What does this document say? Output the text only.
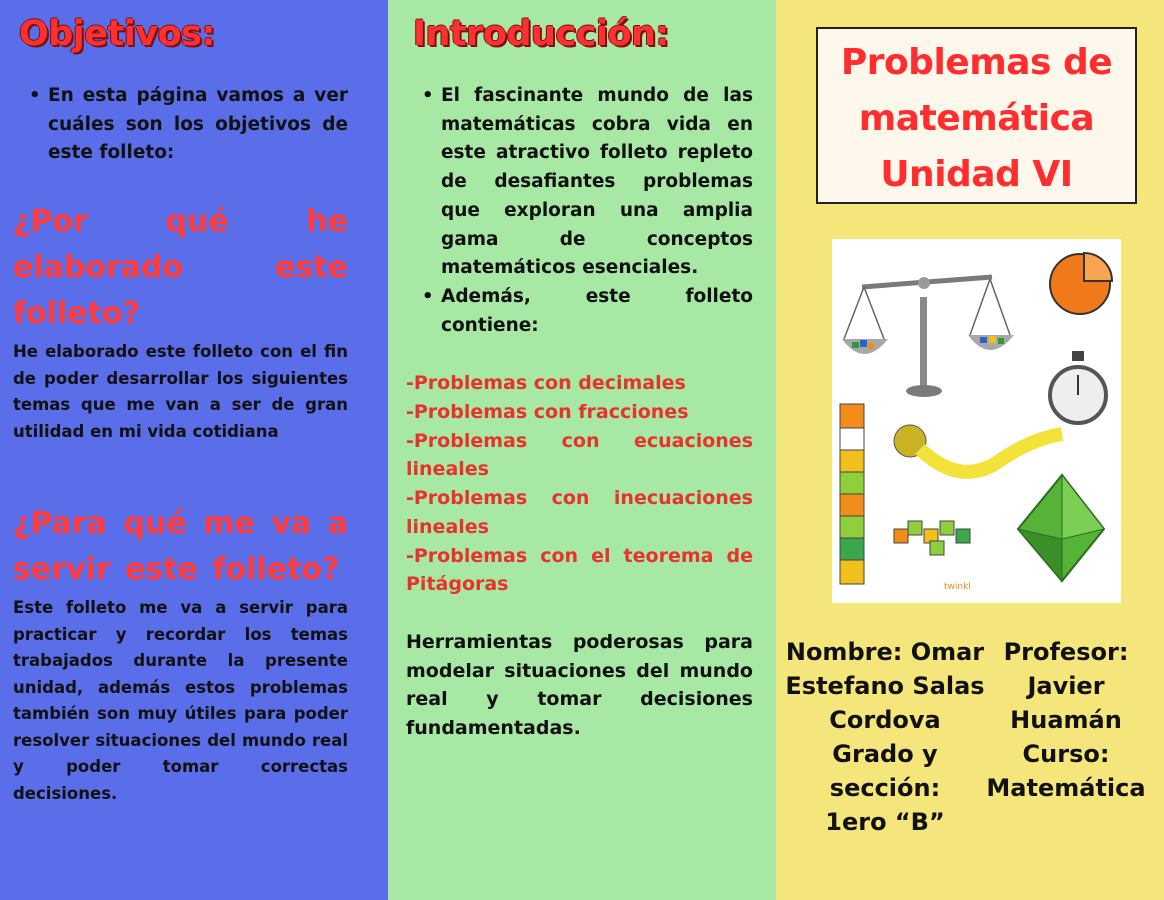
Objetivos:
• En esta página vamos a ver cuáles son los objetivos de este folleto:
¿Por qué he elaborado este folleto?

He elaborado este folleto con el fin de poder desarrollar los siguientes temas que me van a ser de gran utilidad en mi vida cotidiana

¿Para qué me va a servir este folleto?

Este folleto me va a servir para practicar y recordar los temas trabajados durante la presente unidad, además estos problemas también son muy útiles para poder resolver situaciones del mundo real y poder tomar correctas decisiones.

Introducción:
• El fascinante mundo de las matemáticas cobra vida en este atractivo folleto repleto de desafiantes problemas que exploran una amplia gama de conceptos matemáticos esenciales.
• Además, este folleto contiene:
-Problemas con decimales
-Problemas con fracciones
-Problemas con ecuaciones lineales
-Problemas con inecuaciones lineales
-Problemas con el teorema de Pitágoras

Herramientas poderosas para modelar situaciones del mundo real y tomar decisiones fundamentadas.

Problemas de
matemática
Unidad VI
twinkl
Nombre: Omar
Estefano Salas
Cordova
Grado y sección:
1ero “B”
Profesor:
Javier
Huamán
Curso:
Matemática
